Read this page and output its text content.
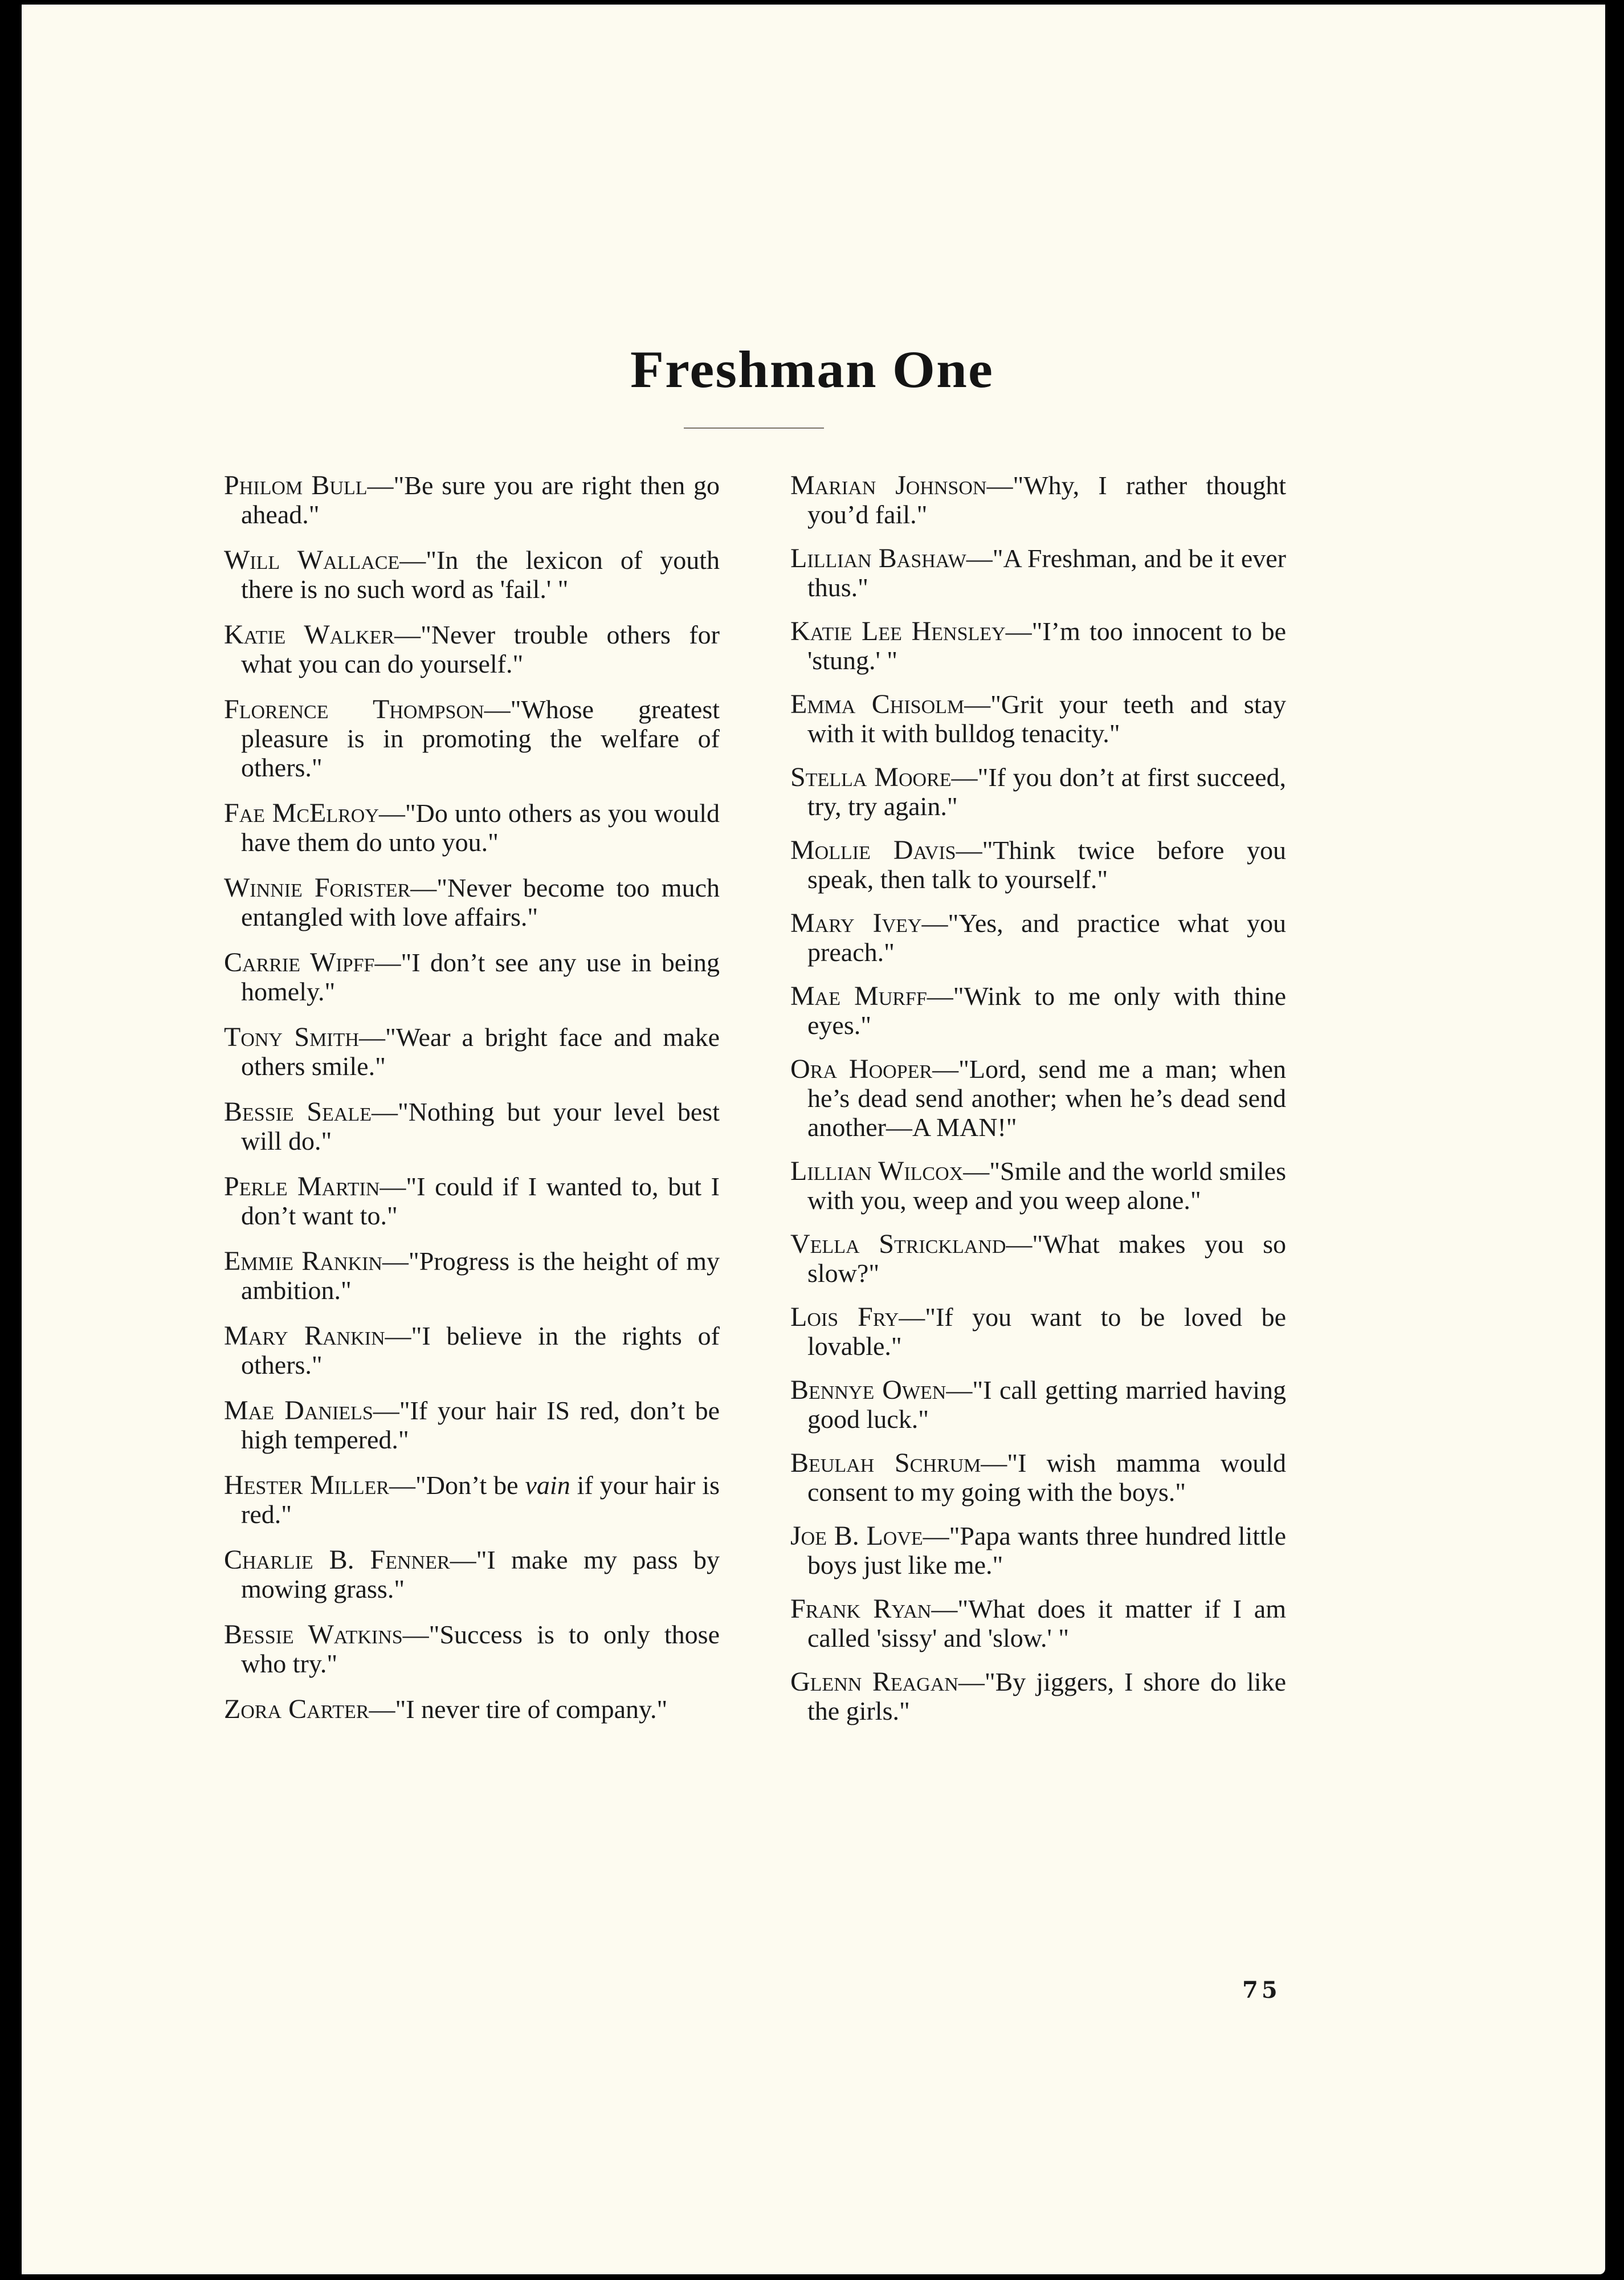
Freshman One

Philom Bull—"Be sure you are right then go ahead."

Will Wallace—"In the lexicon of youth there is no such word as 'fail.' "

Katie Walker—"Never trouble others for what you can do yourself."

Florence Thompson—"Whose greatest pleasure is in promoting the welfare of others."

Fae McElroy—"Do unto others as you would have them do unto you."

Winnie Forister—"Never become too much entangled with love affairs."

Carrie Wipff—"I don’t see any use in being homely."

Tony Smith—"Wear a bright face and make others smile."

Bessie Seale—"Nothing but your level best will do."

Perle Martin—"I could if I wanted to, but I don’t want to."

Emmie Rankin—"Progress is the height of my ambition."

Mary Rankin—"I believe in the rights of others."

Mae Daniels—"If your hair IS red, don’t be high tempered."

Hester Miller—"Don’t be vain if your hair is red."

Charlie B. Fenner—"I make my pass by mowing grass."

Bessie Watkins—"Success is to only those who try."

Zora Carter—"I never tire of company."

Marian Johnson—"Why, I rather thought you’d fail."

Lillian Bashaw—"A Freshman, and be it ever thus."

Katie Lee Hensley—"I’m too innocent to be 'stung.' "

Emma Chisolm—"Grit your teeth and stay with it with bulldog tenacity."

Stella Moore—"If you don’t at first succeed, try, try again."

Mollie Davis—"Think twice before you speak, then talk to yourself."

Mary Ivey—"Yes, and practice what you preach."

Mae Murff—"Wink to me only with thine eyes."

Ora Hooper—"Lord, send me a man; when he’s dead send another; when he’s dead send another—A MAN!"

Lillian Wilcox—"Smile and the world smiles with you, weep and you weep alone."

Vella Strickland—"What makes you so slow?"

Lois Fry—"If you want to be loved be lovable."

Bennye Owen—"I call getting married having good luck."

Beulah Schrum—"I wish mamma would consent to my going with the boys."

Joe B. Love—"Papa wants three hundred little boys just like me."

Frank Ryan—"What does it matter if I am called 'sissy' and 'slow.' "

Glenn Reagan—"By jiggers, I shore do like the girls."

75
